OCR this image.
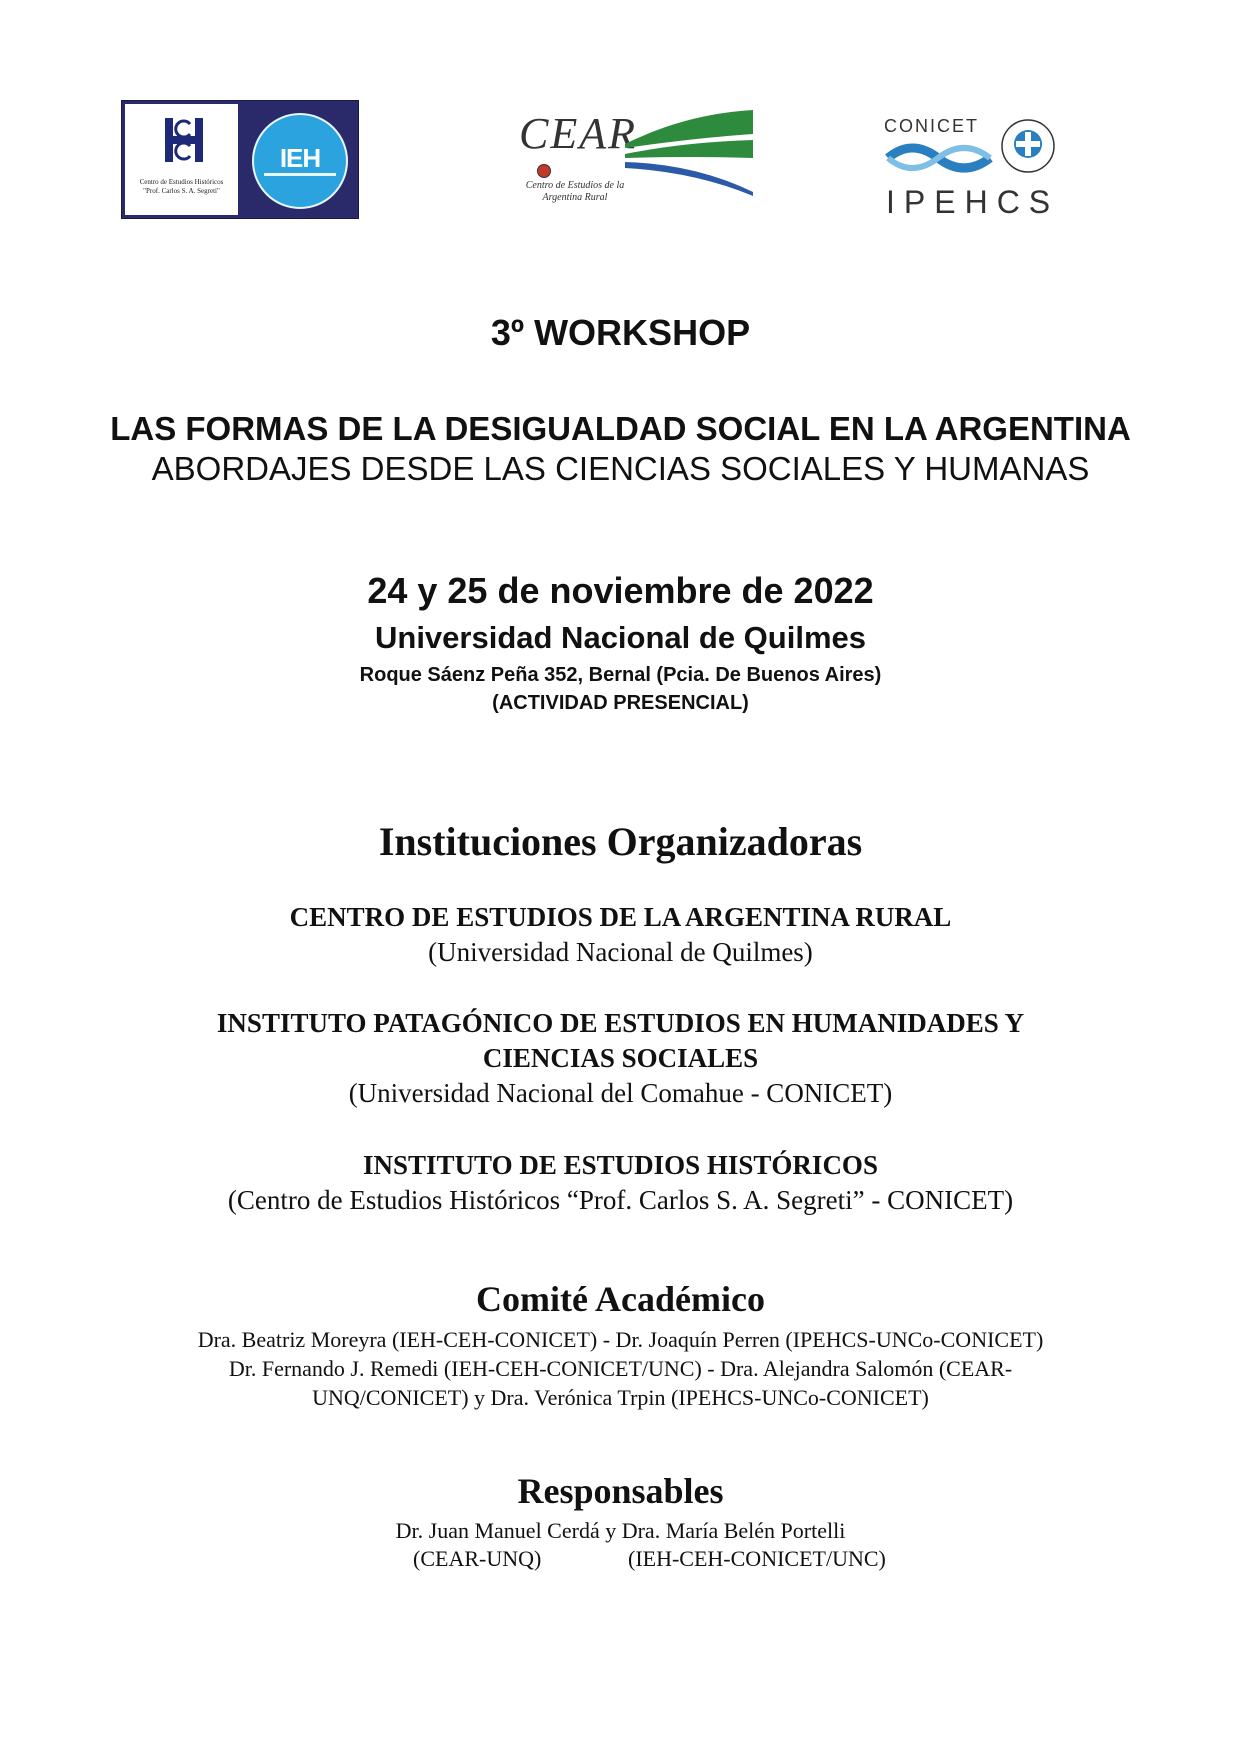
Centro de Estudios Históricos
"Prof. Carlos S. A. Segreti"
IEH	CEAR
Centro de Estudios de la
Argentina Rural
CONICET
IPEHCS
3º WORKSHOP
LAS FORMAS DE LA DESIGUALDAD SOCIAL EN LA ARGENTINA
ABORDAJES DESDE LAS CIENCIAS SOCIALES Y HUMANAS
24 y 25 de noviembre de 2022
Universidad Nacional de Quilmes
Roque Sáenz Peña 352, Bernal (Pcia. De Buenos Aires)
(ACTIVIDAD PRESENCIAL)
Instituciones Organizadoras
CENTRO DE ESTUDIOS DE LA ARGENTINA RURAL
(Universidad Nacional de Quilmes)
INSTITUTO PATAGÓNICO DE ESTUDIOS EN HUMANIDADES Y
CIENCIAS SOCIALES
(Universidad Nacional del Comahue - CONICET)
INSTITUTO DE ESTUDIOS HISTÓRICOS
(Centro de Estudios Históricos “Prof. Carlos S. A. Segreti” - CONICET)
Comité Académico
Dra. Beatriz Moreyra (IEH-CEH-CONICET) - Dr. Joaquín Perren (IPEHCS-UNCo-CONICET)
Dr. Fernando J. Remedi (IEH-CEH-CONICET/UNC) - Dra. Alejandra Salomón (CEAR-
UNQ/CONICET) y Dra. Verónica Trpin (IPEHCS-UNCo-CONICET)
Responsables
Dr. Juan Manuel Cerdá y Dra. María Belén Portelli
(CEAR-UNQ)	(IEH-CEH-CONICET/UNC)
